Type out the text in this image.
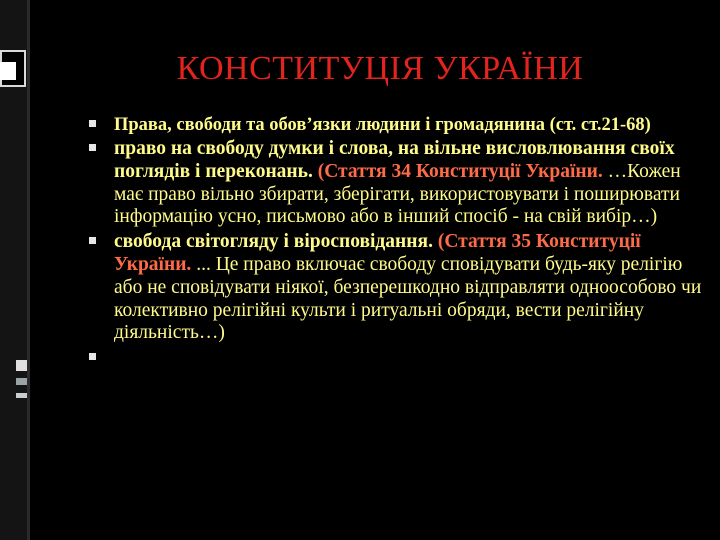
КОНСТИТУЦІЯ УКРАЇНИ

Права, свободи та обов’язки людини і громадянина (ст. ст.21-68)

право на свободу думки і слова, на вільне висловлювання своїх поглядів і переконань. (Стаття 34 Конституції України. …Кожен має право вільно збирати, зберігати, використовувати і поширювати інформацію усно, письмово або в інший спосіб - на свій вибір…)

свобода світогляду і віросповідання. (Стаття 35 Конституції України. ... Це право включає свободу сповідувати будь-яку релігію або не сповідувати ніякої, безперешкодно відправляти одноособово чи колективно релігійні культи і ритуальні обряди, вести релігійну діяльність…)
